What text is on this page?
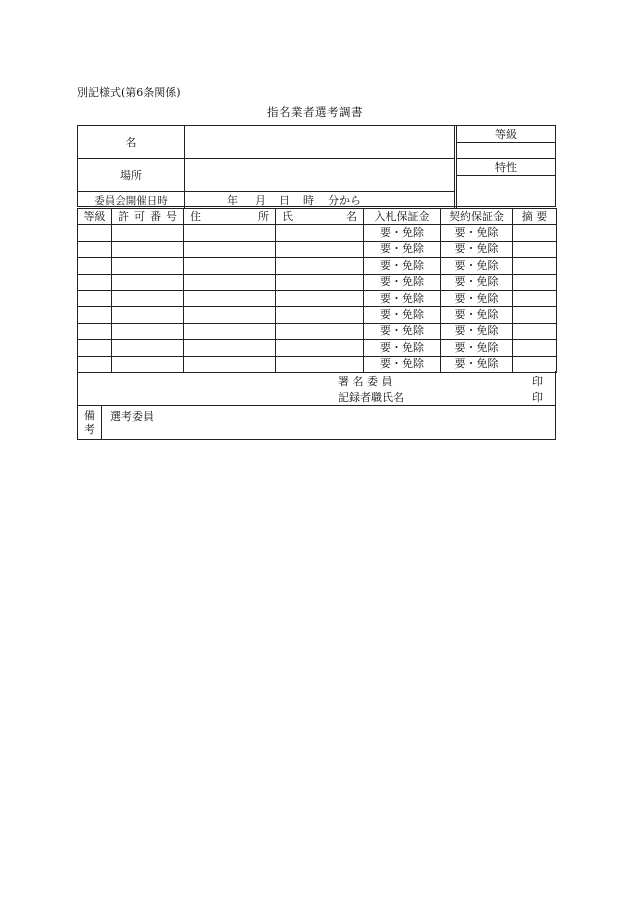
別記様式(第6条関係)
指名業者選考調書
名
場所
委員会開催日時	年 月 日 時 分から
等級
特性
等級	許 可 番 号	住 所	氏 名	入札保証金	契約保証金	摘 要
				要・免除	要・免除	
				要・免除	要・免除	
				要・免除	要・免除	
				要・免除	要・免除	
				要・免除	要・免除	
				要・免除	要・免除	
				要・免除	要・免除	
				要・免除	要・免除	
				要・免除	要・免除	
署 名 委 員	印
記録者職氏名	印
備
考
選考委員
